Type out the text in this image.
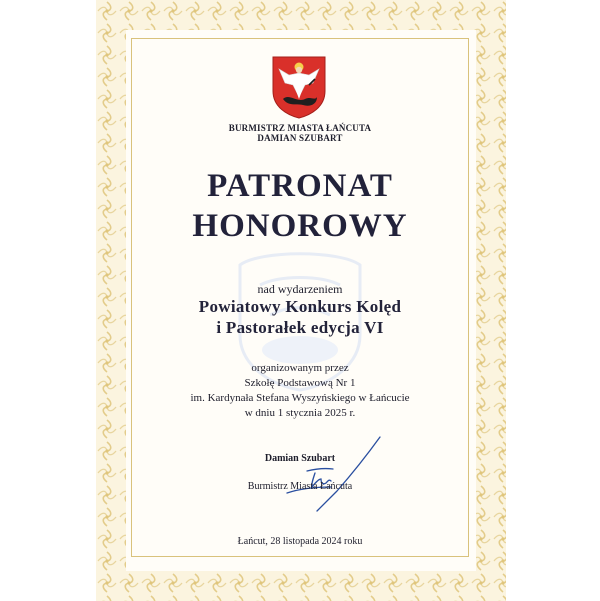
BURMISTRZ MIASTA ŁAŃCUTA
DAMIAN SZUBART
PATRONAT
HONOROWY
nad wydarzeniem
Powiatowy Konkurs Kolęd
i Pastorałek edycja VI
organizowanym przez
Szkołę Podstawową Nr 1
im. Kardynała Stefana Wyszyńskiego w Łańcucie
w dniu 1 stycznia 2025 r.
Damian Szubart
Burmistrz Miasta Łańcuta
Łańcut, 28 listopada 2024 roku
